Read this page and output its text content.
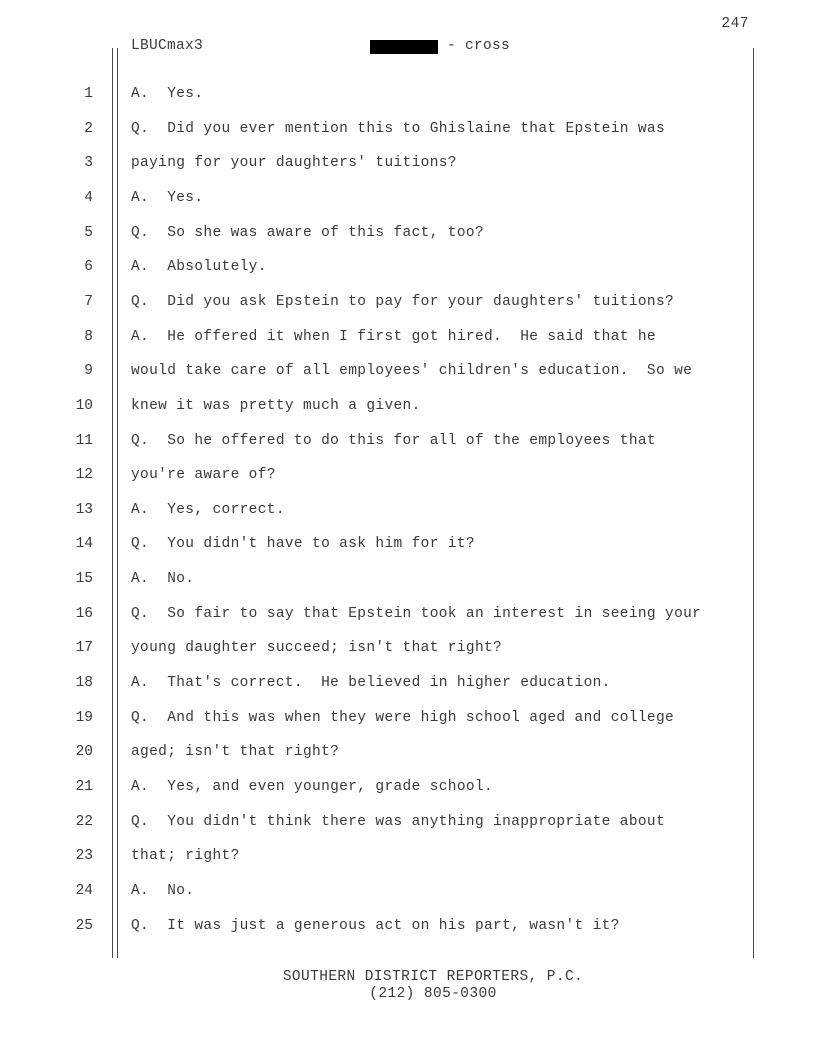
247
LBUCmax3	- cross
1	A.  Yes.
2	Q.  Did you ever mention this to Ghislaine that Epstein was
3	paying for your daughters' tuitions?
4	A.  Yes.
5	Q.  So she was aware of this fact, too?
6	A.  Absolutely.
7	Q.  Did you ask Epstein to pay for your daughters' tuitions?
8	A.  He offered it when I first got hired.  He said that he
9	would take care of all employees' children's education.  So we
10	knew it was pretty much a given.
11	Q.  So he offered to do this for all of the employees that
12	you're aware of?
13	A.  Yes, correct.
14	Q.  You didn't have to ask him for it?
15	A.  No.
16	Q.  So fair to say that Epstein took an interest in seeing your
17	young daughter succeed; isn't that right?
18	A.  That's correct.  He believed in higher education.
19	Q.  And this was when they were high school aged and college
20	aged; isn't that right?
21	A.  Yes, and even younger, grade school.
22	Q.  You didn't think there was anything inappropriate about
23	that; right?
24	A.  No.
25	Q.  It was just a generous act on his part, wasn't it?
SOUTHERN DISTRICT REPORTERS, P.C.
(212) 805-0300
